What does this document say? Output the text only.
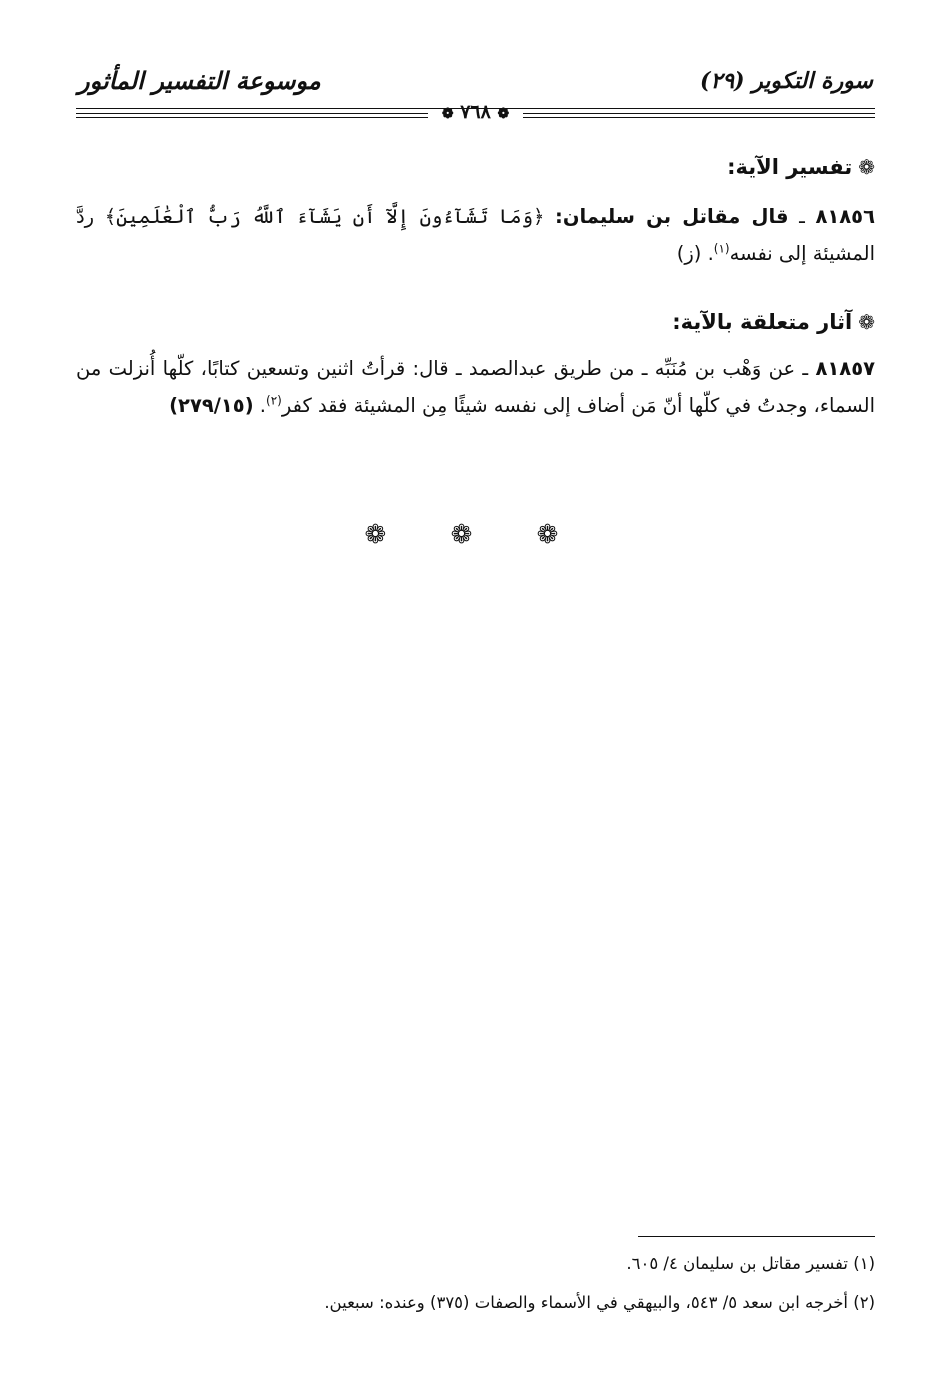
سورة التكوير (٢٩)
موسوعة التفسير المأثور
❁ ٧٦٨ ❁
❁تفسير الآية:
٨١٨٥٦ ـ قال مقاتل بن سليمان: ﴿وَمَا تَشَآءُونَ إِلَّآ أَن يَشَآءَ ٱللَّهُ رَبُّ ٱلْعَٰلَمِينَ﴾ ردَّ المشيئة إلى نفسه$^{(١)}$. (ز)
❁آثار متعلقة بالآية:
٨١٨٥٧ ـ عن وَهْب بن مُنَبِّه ـ من طريق عبدالصمد ـ قال: قرأتُ اثنين وتسعين كتابًا، كلّها أُنزلت من السماء، وجدتُ في كلّها أنّ مَن أضاف إلى نفسه شيئًا مِن المشيئة فقد كفر$^{(٢)}$. (٢٧٩/١٥)
❁ ❁ ❁
(١) تفسير مقاتل بن سليمان ٤/ ٦٠٥.
(٢) أخرجه ابن سعد ٥/ ٥٤٣، والبيهقي في الأسماء والصفات (٣٧٥) وعنده: سبعين.
